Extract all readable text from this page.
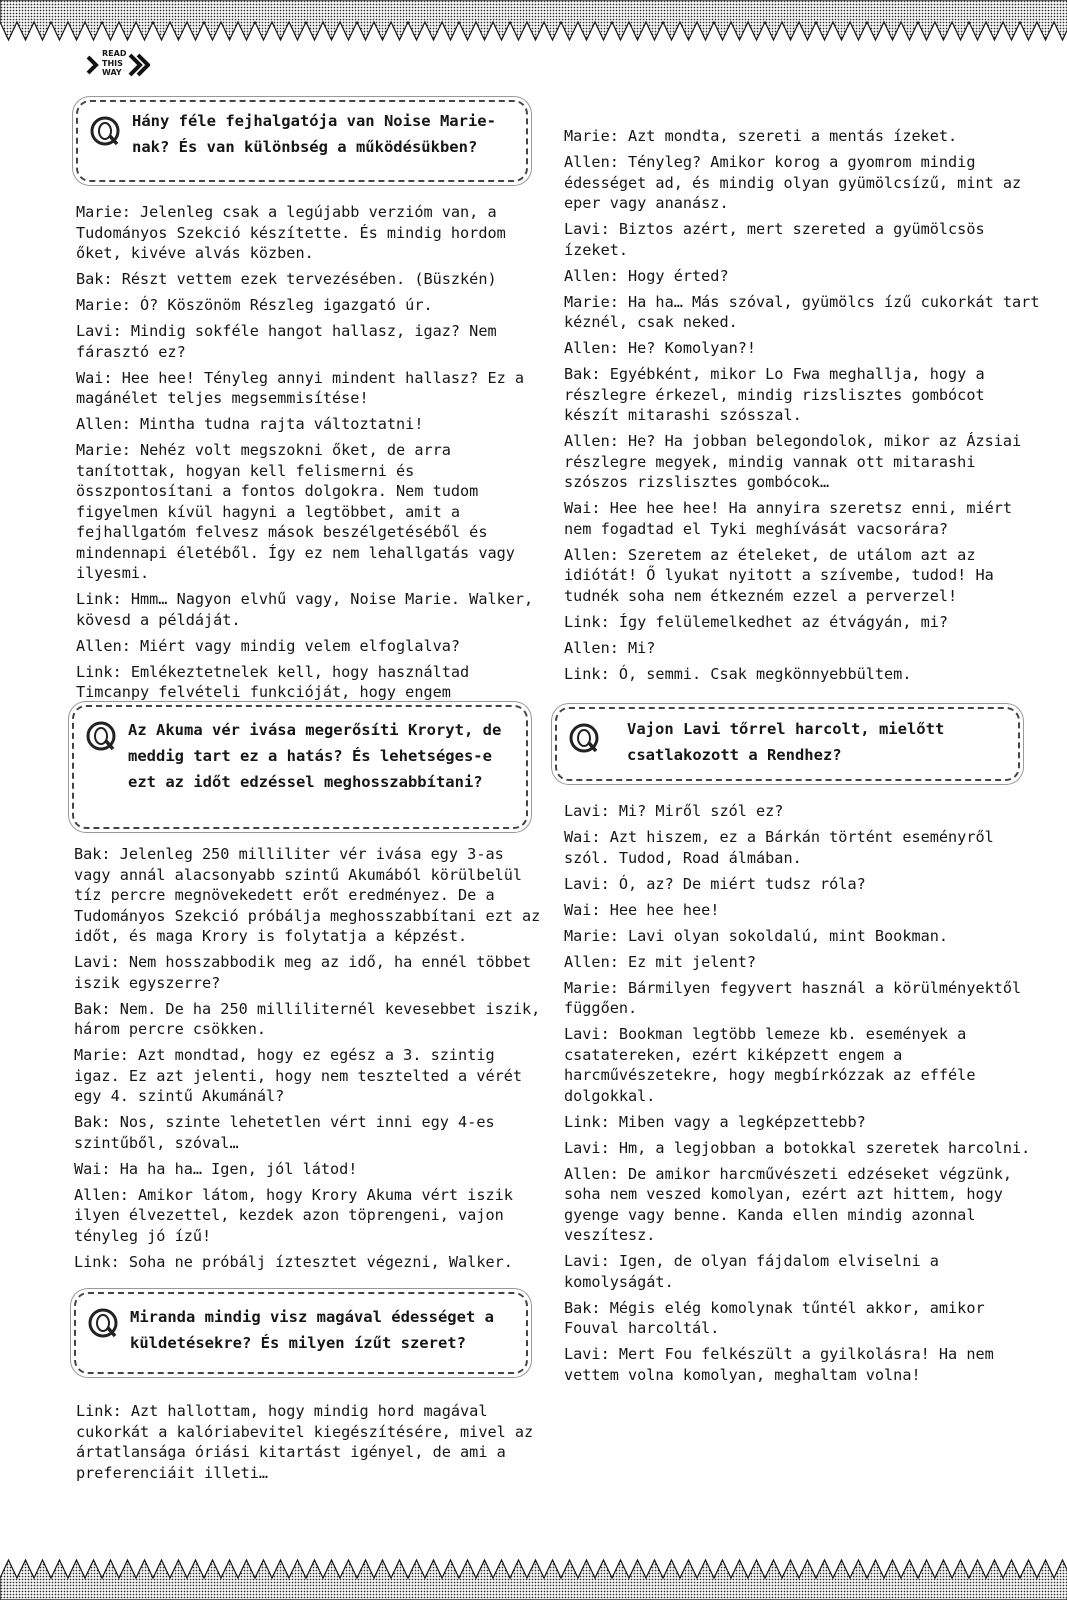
READ
THIS
WAY
Hány féle fejhalgatója van Noise Marie-nak? És van különbség a működésükben?

Marie: Jelenleg csak a legújabb verzióm van, a Tudományos Szekció készítette. És mindig hordom őket, kivéve alvás közben.

Bak: Részt vettem ezek tervezésében. (Büszkén)

Marie: Ó? Köszönöm Részleg igazgató úr.

Lavi: Mindig sokféle hangot hallasz, igaz? Nem fárasztó ez?

Wai: Hee hee! Tényleg annyi mindent hallasz? Ez a magánélet teljes megsemmisítése!

Allen: Mintha tudna rajta változtatni!

Marie: Nehéz volt megszokni őket, de arra tanítottak, hogyan kell felismerni és összpontosítani a fontos dolgokra. Nem tudom figyelmen kívül hagyni a legtöbbet, amit a fejhallgatóm felvesz mások beszélgetéséből és mindennapi életéből. Így ez nem lehallgatás vagy ilyesmi.

Link: Hmm… Nagyon elvhű vagy, Noise Marie. Walker, kövesd a példáját.

Allen: Miért vagy mindig velem elfoglalva?

Link: Emlékeztetnelek kell, hogy használtad Timcanpy felvételi funkcióját, hogy engem

Az Akuma vér ivása megerősíti Kroryt, de meddig tart ez a hatás? És lehetséges-e ezt az időt edzéssel meghosszabbítani?

Bak: Jelenleg 250 milliliter vér ivása egy 3-as vagy annál alacsonyabb szintű Akumából körülbelül tíz percre megnövekedett erőt eredményez. De a Tudományos Szekció próbálja meghosszabbítani ezt az időt, és maga Krory is folytatja a képzést.

Lavi: Nem hosszabbodik meg az idő, ha ennél többet iszik egyszerre?

Bak: Nem. De ha 250 milliliternél kevesebbet iszik, három percre csökken.

Marie: Azt mondtad, hogy ez egész a 3. szintig igaz. Ez azt jelenti, hogy nem tesztelted a vérét egy 4. szintű Akumánál?

Bak: Nos, szinte lehetetlen vért inni egy 4-es szintűből, szóval…

Wai: Ha ha ha… Igen, jól látod!

Allen: Amikor látom, hogy Krory Akuma vért iszik ilyen élvezettel, kezdek azon töprengeni, vajon tényleg jó ízű!

Link: Soha ne próbálj íztesztet végezni, Walker.

Miranda mindig visz magával édességet a küldetésekre? És milyen ízűt szeret?

Link: Azt hallottam, hogy mindig hord magával cukorkát a kalóriabevitel kiegészítésére, mivel az ártatlansága óriási kitartást igényel, de ami a preferenciáit illeti…

Marie: Azt mondta, szereti a mentás ízeket.

Allen: Tényleg? Amikor korog a gyomrom mindig édességet ad, és mindig olyan gyümölcsízű, mint az eper vagy ananász.

Lavi: Biztos azért, mert szereted a gyümölcsös ízeket.

Allen: Hogy érted?

Marie: Ha ha… Más szóval, gyümölcs ízű cukorkát tart kéznél, csak neked.

Allen: He? Komolyan?!

Bak: Egyébként, mikor Lo Fwa meghallja, hogy a részlegre érkezel, mindig rizslisztes gombócot készít mitarashi szósszal.

Allen: He? Ha jobban belegondolok, mikor az Ázsiai részlegre megyek, mindig vannak ott mitarashi szószos rizslisztes gombócok…

Wai: Hee hee hee! Ha annyira szeretsz enni, miért nem fogadtad el Tyki meghívását vacsorára?

Allen: Szeretem az ételeket, de utálom azt az idiótát! Ő lyukat nyitott a szívembe, tudod! Ha tudnék soha nem étkezném ezzel a perverzel!

Link: Így felülemelkedhet az étvágyán, mi?

Allen: Mi?

Link: Ó, semmi. Csak megkönnyebbültem.

Vajon Lavi tőrrel harcolt, mielőtt csatlakozott a Rendhez?

Lavi: Mi? Miről szól ez?

Wai: Azt hiszem, ez a Bárkán történt eseményről szól. Tudod, Road álmában.

Lavi: Ó, az? De miért tudsz róla?

Wai: Hee hee hee!

Marie: Lavi olyan sokoldalú, mint Bookman.

Allen: Ez mit jelent?

Marie: Bármilyen fegyvert használ a körülményektől függően.

Lavi: Bookman legtöbb lemeze kb. események a csatatereken, ezért kiképzett engem a harcművészetekre, hogy megbírkózzak az efféle dolgokkal.

Link: Miben vagy a legképzettebb?

Lavi: Hm, a legjobban a botokkal szeretek harcolni.

Allen: De amikor harcművészeti edzéseket végzünk, soha nem veszed komolyan, ezért azt hittem, hogy gyenge vagy benne. Kanda ellen mindig azonnal veszítesz.

Lavi: Igen, de olyan fájdalom elviselni a komolyságát.

Bak: Mégis elég komolynak tűntél akkor, amikor Fouval harcoltál.

Lavi: Mert Fou felkészült a gyilkolásra! Ha nem vettem volna komolyan, meghaltam volna!
